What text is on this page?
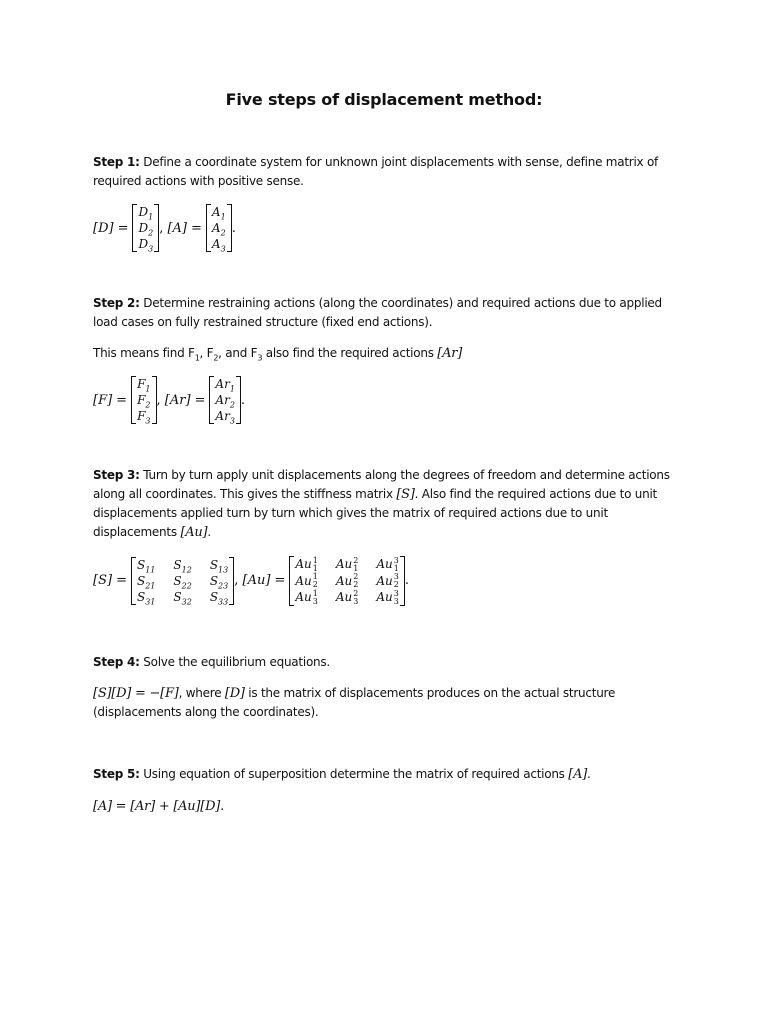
Five steps of displacement method:
Step 1: Define a coordinate system for unknown joint displacements with sense, define matrix of required actions with positive sense.
[D] =
$D_1$
$D_2$
$D_3$
, [A] =
$A_1$
$A_2$
$A_3$
.
Step 2: Determine restraining actions (along the coordinates) and required actions due to applied load cases on fully restrained structure (fixed end actions).
This means find $F_1$, $F_2$, and $F_3$ also find the required actions [Ar]
[F] =
$F_1$
$F_2$
$F_3$
, [Ar] =
$Ar_1$
$Ar_2$
$Ar_3$
.
Step 3: Turn by turn apply unit displacements along the degrees of freedom and determine actions along all coordinates. This gives the stiffness matrix [S]. Also find the required actions due to unit displacements applied turn by turn which gives the matrix of required actions due to unit displacements [Au].
[S] =
$S_{11}$ $S_{12}$ $S_{13}$
$S_{21}$ $S_{22}$ $S_{23}$
$S_{31}$ $S_{32}$ $S_{33}$
, [Au] =
Au 1
1 Au 2
1 Au 3
1
Au 1
2 Au 2
2 Au 3
2
Au 1
3 Au 2
3 Au 3
3
.
Step 4: Solve the equilibrium equations.
[S][D] = −[F], where [D] is the matrix of displacements produces on the actual structure (displacements along the coordinates).
Step 5: Using equation of superposition determine the matrix of required actions [A].
[A] = [Ar] + [Au][D].
